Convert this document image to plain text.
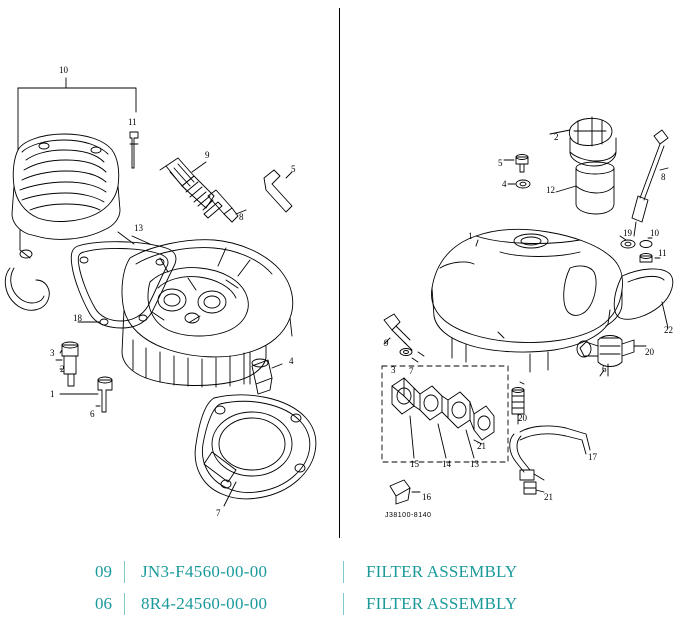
10
11
9
5
8
13
18
3
2
1
6
4
7
2
5
4
12
8
1	19 10
11
22
20
6
9
3 7
15	14 13
20
17
16	21
21
J38100-8140
09	JN3-F4560-00-00	FILTER ASSEMBLY
06	8R4-24560-00-00	FILTER ASSEMBLY
